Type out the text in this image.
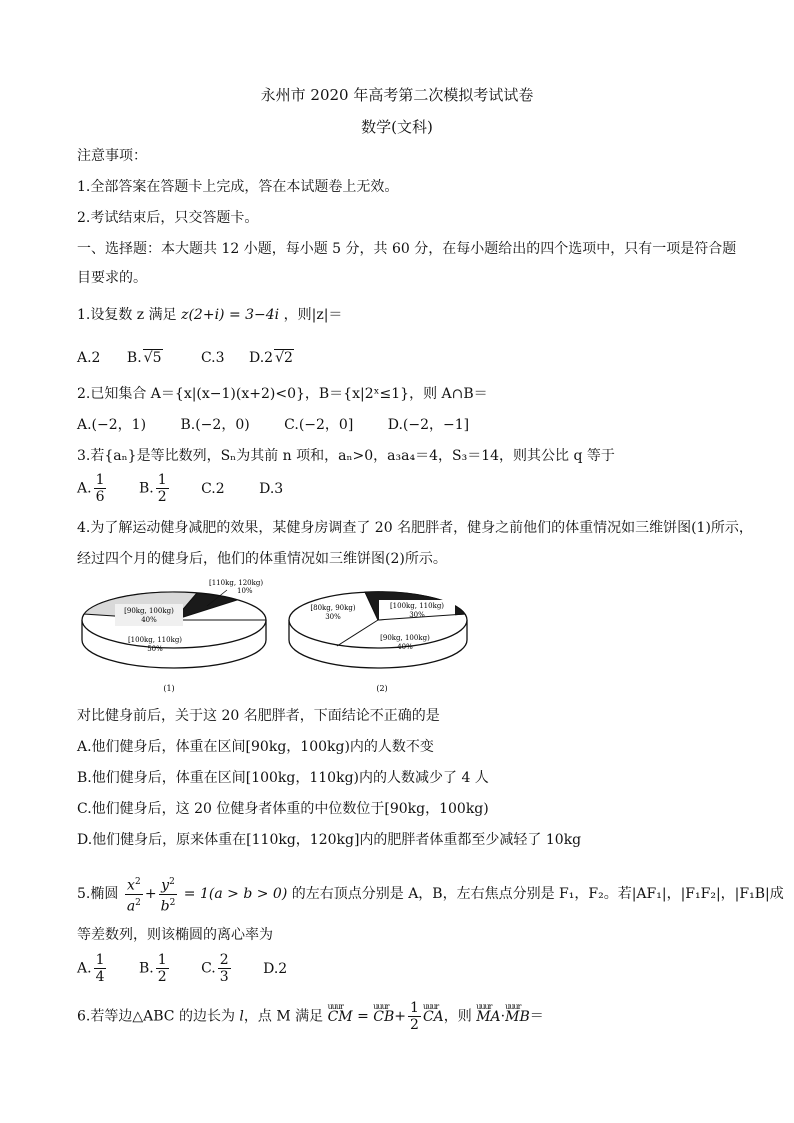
永州市 2020 年高考第二次模拟考试试卷
数学(文科)
注意事项：
1.全部答案在答题卡上完成，答在本试题卷上无效。
2.考试结束后，只交答题卡。
一、选择题：本大题共 12 小题，每小题 5 分，共 60 分，在每小题给出的四个选项中，只有一项是符合题
目要求的。
1.设复数 z 满足 z(2+i) = 3−4i ，则|z|＝
A.2 B. √5	C.3 D.2 √2
2.已知集合 A＝{x|(x−1)(x+2)<0}，B＝{x|2ˣ≤1}，则 A∩B＝
A.(−2，1) B.(−2，0) C.(−2，0] D.(−2，−1]
3.若{aₙ}是等比数列，Sₙ为其前 n 项和，aₙ>0，a₃a₄＝4，S₃＝14，则其公比 q 等于
A. $\frac{1}{6} B$. $\frac{1}{2} C.2$ D.3
4.为了解运动健身减肥的效果，某健身房调查了 20 名肥胖者，健身之前他们的体重情况如三维饼图(1)所示，
经过四个月的健身后，他们的体重情况如三维饼图(2)所示。
[110kg, 120kg)
10%
[90kg, 100kg)
40%
[100kg, 110kg)
50%
(1)
[80kg, 90kg)
30%
[100kg, 110kg)
30%
[90kg, 100kg)
40%
(2)
对比健身前后，关于这 20 名肥胖者，下面结论不正确的是
A.他们健身后，体重在区间[90kg，100kg)内的人数不变
B.他们健身后，体重在区间[100kg，110kg)内的人数减少了 4 人
C.他们健身后，这 20 位健身者体重的中位数位于[90kg，100kg)
D.他们健身后，原来体重在[110kg，120kg]内的肥胖者体重都至少减轻了 10kg
5.椭圆 $\frac{x^2}{a^2} + \frac{y^2}{b^2} = 1(a > b > 0)$ 的左右顶点分别是 A，B，左右焦点分别是 F₁，F₂。若|AF₁|，|F₁F₂|，|F₁B|成
等差数列，则该椭圆的离心率为
A. $\frac{1}{4} B$. $\frac{1}{2} C$. $\frac{2}{3} D.2$
6.若等边△ABC 的边长为 l，点 M 满足 uuur CM = uuur $CB+ \frac{1}{2}$ uuur CA，则 uuur MA·uuur MB＝
